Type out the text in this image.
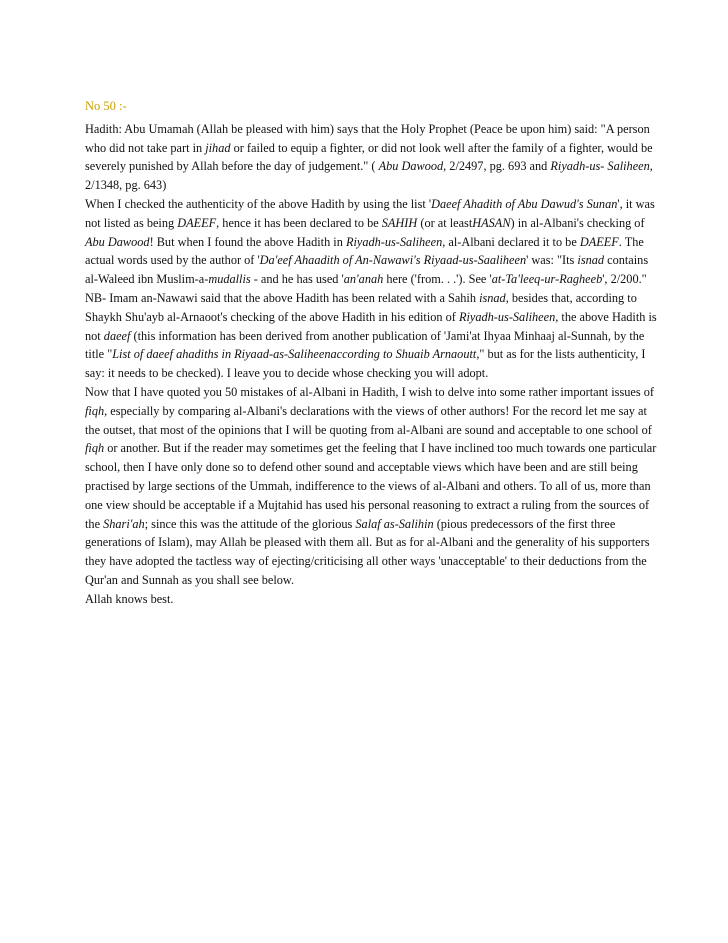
No 50 :-

Hadith: Abu Umamah (Allah be pleased with him) says that the Holy Prophet (Peace be upon him) said: "A person who did not take part in jihad or failed to equip a fighter, or did not look well after the family of a fighter, would be severely punished by Allah before the day of judgement." ( Abu Dawood, 2/2497, pg. 693 and Riyadh-us- Saliheen, 2/1348, pg. 643)

When I checked the authenticity of the above Hadith by using the list 'Daeef Ahadith of Abu Dawud's Sunan', it was not listed as being DAEEF, hence it has been declared to be SAHIH (or at leastHASAN) in al-Albani's checking of Abu Dawood! But when I found the above Hadith in Riyadh-us-Saliheen, al-Albani declared it to be DAEEF. The actual words used by the author of 'Da'eef Ahaadith of An-Nawawi's Riyaad-us-Saaliheen' was: "Its isnad contains al-Waleed ibn Muslim-a-mudallis - and he has used 'an'anah here ('from. . .'). See 'at-Ta'leeq-ur-Ragheeb', 2/200."

NB- Imam an-Nawawi said that the above Hadith has been related with a Sahih isnad, besides that, according to Shaykh Shu'ayb al-Arnaoot's checking of the above Hadith in his edition of Riyadh-us-Saliheen, the above Hadith is not daeef (this information has been derived from another publication of 'Jami'at Ihyaa Minhaaj al-Sunnah, by the title "List of daeef ahadiths in Riyaad-as-Saliheenaccording to Shuaib Arnaoutt," but as for the lists authenticity, I say: it needs to be checked). I leave you to decide whose checking you will adopt.

Now that I have quoted you 50 mistakes of al-Albani in Hadith, I wish to delve into some rather important issues of fiqh, especially by comparing al-Albani's declarations with the views of other authors! For the record let me say at the outset, that most of the opinions that I will be quoting from al-Albani are sound and acceptable to one school of fiqh or another. But if the reader may sometimes get the feeling that I have inclined too much towards one particular school, then I have only done so to defend other sound and acceptable views which have been and are still being practised by large sections of the Ummah, indifference to the views of al-Albani and others. To all of us, more than one view should be acceptable if a Mujtahid has used his personal reasoning to extract a ruling from the sources of the Shari'ah; since this was the attitude of the glorious Salaf as-Salihin (pious predecessors of the first three generations of Islam), may Allah be pleased with them all. But as for al-Albani and the generality of his supporters they have adopted the tactless way of ejecting/criticising all other ways 'unacceptable' to their deductions from the Qur'an and Sunnah as you shall see below.

Allah knows best.
